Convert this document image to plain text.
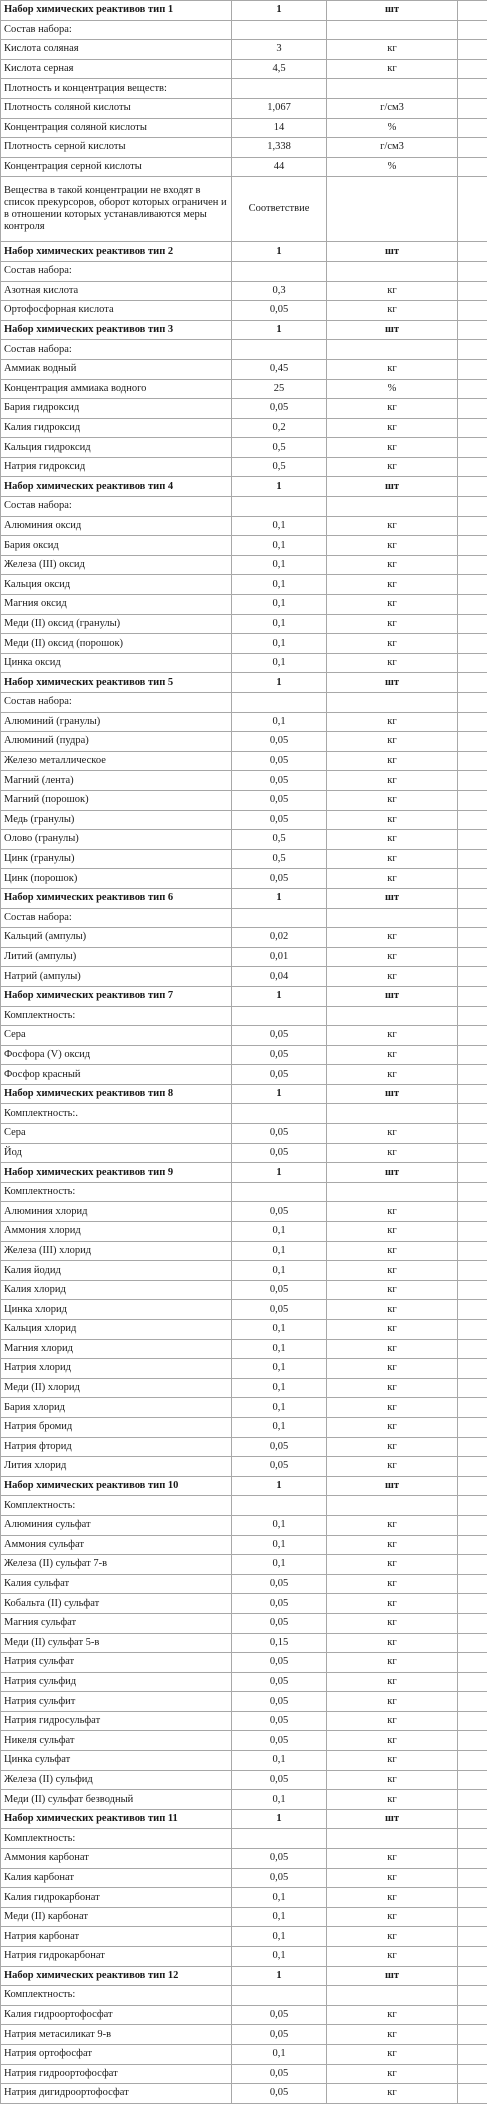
Набор химических реактивов тип 1	1	шт	
Состав набора:			
Кислота соляная	3	кг	
Кислота серная	4,5	кг	
Плотность и концентрация веществ:			
Плотность соляной кислоты	1,067	г/см3	
Концентрация соляной кислоты	14	%	
Плотность серной кислоты	1,338	г/см3	
Концентрация серной кислоты	44	%	
Вещества в такой концентрации не входят в список прекурсоров, оборот которых ограничен и в отношении которых устанавливаются меры контроля	Соответствие		
Набор химических реактивов тип 2	1	шт	
Состав набора:			
Азотная кислота	0,3	кг	
Ортофосфорная кислота	0,05	кг	
Набор химических реактивов тип 3	1	шт	
Состав набора:			
Аммиак водный	0,45	кг	
Концентрация аммиака водного	25	%	
Бария гидроксид	0,05	кг	
Калия гидроксид	0,2	кг	
Кальция гидроксид	0,5	кг	
Натрия гидроксид	0,5	кг	
Набор химических реактивов тип 4	1	шт	
Состав набора:			
Алюминия оксид	0,1	кг	
Бария оксид	0,1	кг	
Железа (III) оксид	0,1	кг	
Кальция оксид	0,1	кг	
Магния оксид	0,1	кг	
Меди (II) оксид (гранулы)	0,1	кг	
Меди (II) оксид (порошок)	0,1	кг	
Цинка оксид	0,1	кг	
Набор химических реактивов тип 5	1	шт	
Состав набора:			
Алюминий (гранулы)	0,1	кг	
Алюминий (пудра)	0,05	кг	
Железо металлическое	0,05	кг	
Магний (лента)	0,05	кг	
Магний (порошок)	0,05	кг	
Медь (гранулы)	0,05	кг	
Олово (гранулы)	0,5	кг	
Цинк (гранулы)	0,5	кг	
Цинк (порошок)	0,05	кг	
Набор химических реактивов тип 6	1	шт	
Состав набора:			
Кальций (ампулы)	0,02	кг	
Литий (ампулы)	0,01	кг	
Натрий (ампулы)	0,04	кг	
Набор химических реактивов тип 7	1	шт	
Комплектность:			
Сера	0,05	кг	
Фосфора (V) оксид	0,05	кг	
Фосфор красный	0,05	кг	
Набор химических реактивов тип 8	1	шт	
Комплектность:.			
Сера	0,05	кг	
Йод	0,05	кг	
Набор химических реактивов тип 9	1	шт	
Комплектность:			
Алюминия хлорид	0,05	кг	
Аммония хлорид	0,1	кг	
Железа (III) хлорид	0,1	кг	
Калия йодид	0,1	кг	
Калия хлорид	0,05	кг	
Цинка хлорид	0,05	кг	
Кальция хлорид	0,1	кг	
Магния хлорид	0,1	кг	
Натрия хлорид	0,1	кг	
Меди (II) хлорид	0,1	кг	
Бария хлорид	0,1	кг	
Натрия бромид	0,1	кг	
Натрия фторид	0,05	кг	
Лития хлорид	0,05	кг	
Набор химических реактивов тип 10	1	шт	
Комплектность:			
Алюминия сульфат	0,1	кг	
Аммония сульфат	0,1	кг	
Железа (II) сульфат 7-в	0,1	кг	
Калия сульфат	0,05	кг	
Кобальта (II) сульфат	0,05	кг	
Магния сульфат	0,05	кг	
Меди (II) сульфат 5-в	0,15	кг	
Натрия сульфат	0,05	кг	
Натрия сульфид	0,05	кг	
Натрия сульфит	0,05	кг	
Натрия гидросульфат	0,05	кг	
Никеля сульфат	0,05	кг	
Цинка сульфат	0,1	кг	
Железа (II) сульфид	0,05	кг	
Меди (II) сульфат безводный	0,1	кг	
Набор химических реактивов тип 11	1	шт	
Комплектность:			
Аммония карбонат	0,05	кг	
Калия карбонат	0,05	кг	
Калия гидрокарбонат	0,1	кг	
Меди (II) карбонат	0,1	кг	
Натрия карбонат	0,1	кг	
Натрия гидрокарбонат	0,1	кг	
Набор химических реактивов тип 12	1	шт	
Комплектность:			
Калия гидроортофосфат	0,05	кг	
Натрия метасиликат 9-в	0,05	кг	
Натрия ортофосфат	0,1	кг	
Натрия гидроортофосфат	0,05	кг	
Натрия дигидроортофосфат	0,05	кг	
